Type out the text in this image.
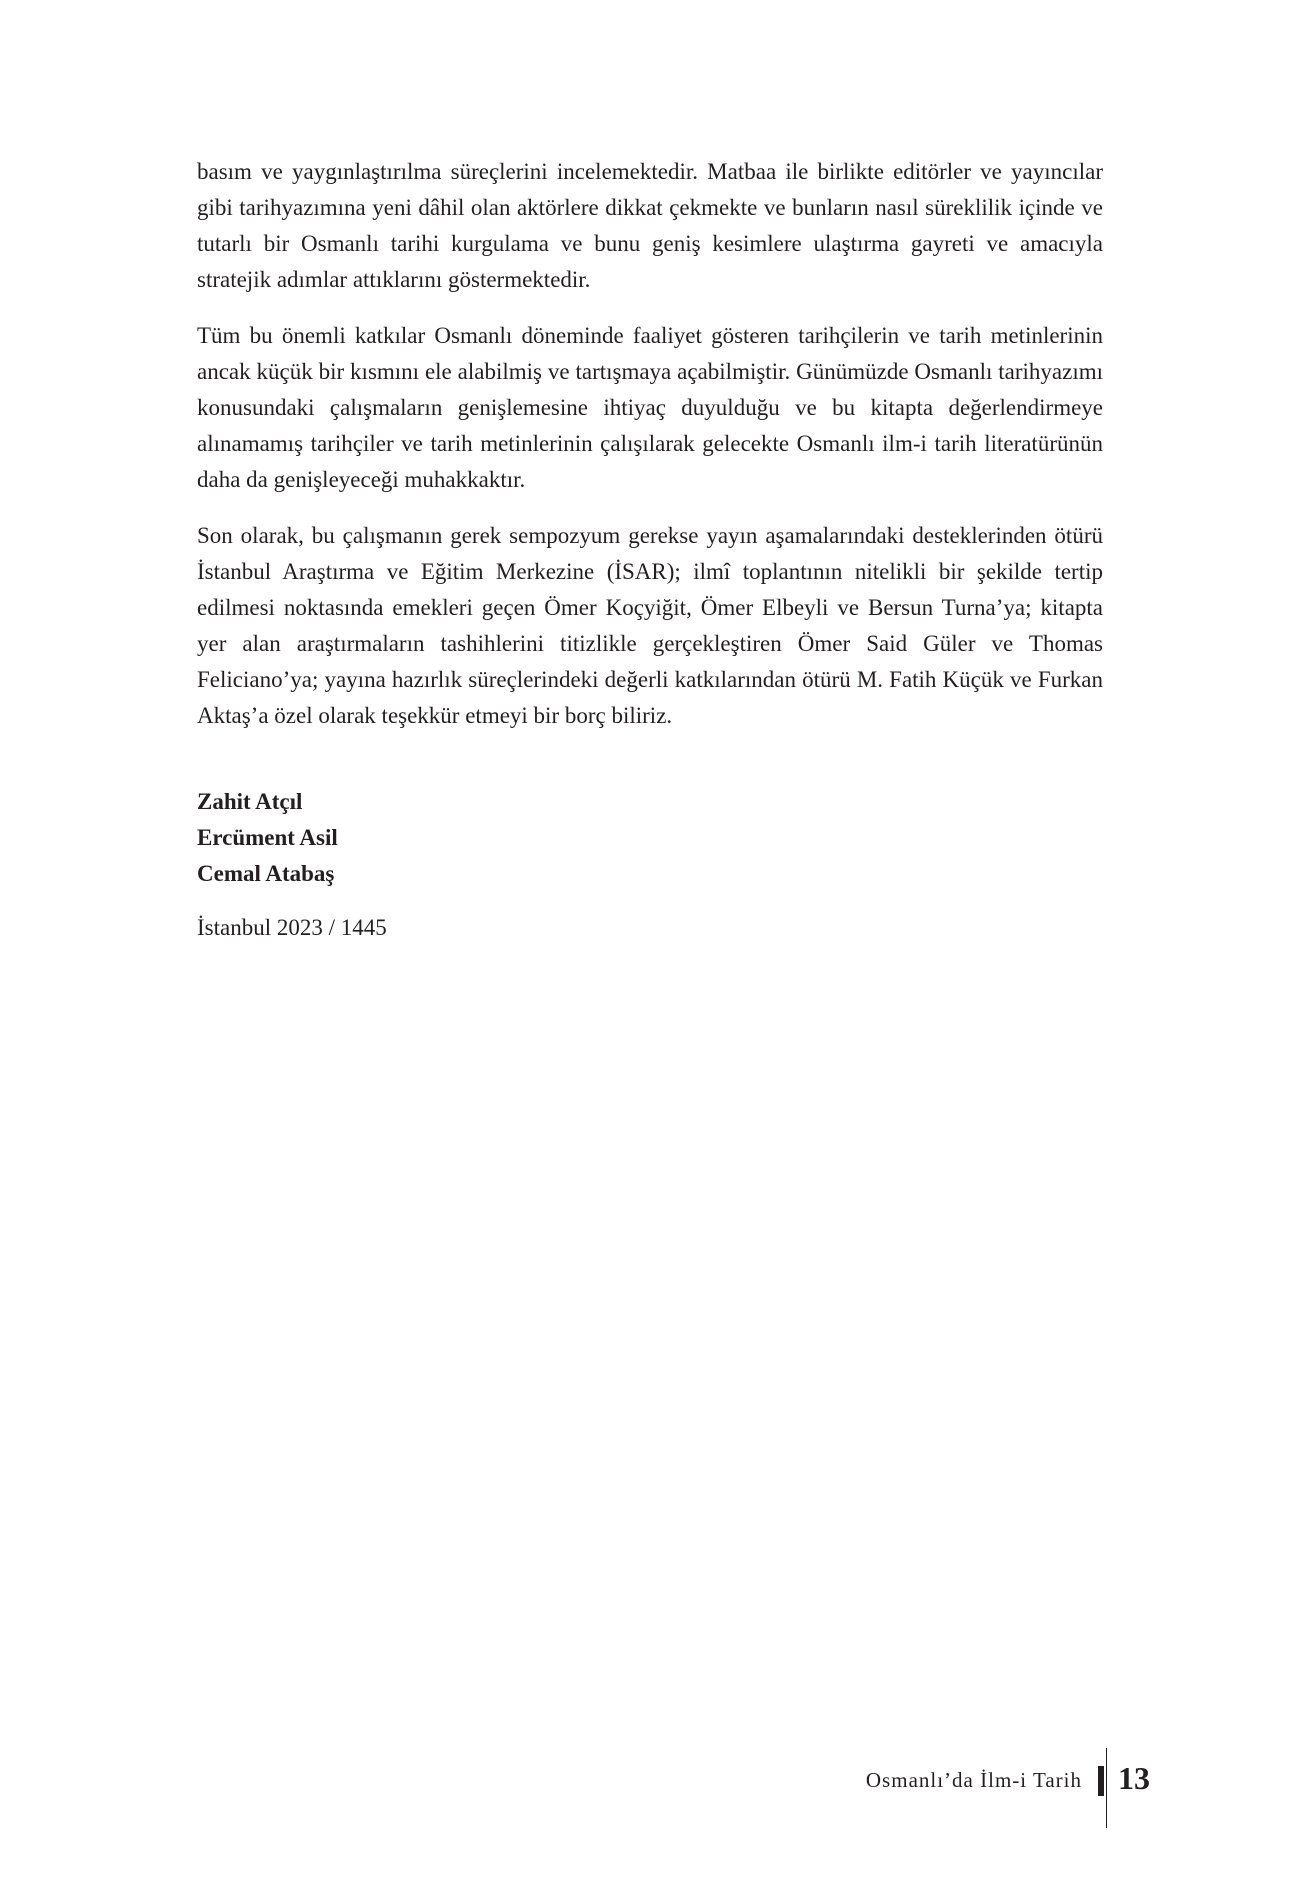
basım ve yaygınlaştırılma süreçlerini incelemektedir. Matbaa ile birlikte editörler ve yayıncılar gibi tarihyazımına yeni dâhil olan aktörlere dikkat çekmekte ve bunların nasıl süreklilik içinde ve tutarlı bir Osmanlı tarihi kurgulama ve bunu geniş kesimlere ulaştırma gayreti ve amacıyla stratejik adımlar attıklarını göstermektedir.

Tüm bu önemli katkılar Osmanlı döneminde faaliyet gösteren tarihçilerin ve tarih metinlerinin ancak küçük bir kısmını ele alabilmiş ve tartışmaya açabilmiştir. Günümüzde Osmanlı tarihyazımı konusundaki çalışmaların genişlemesine ihtiyaç duyulduğu ve bu kitapta değerlendirmeye alınamamış tarihçiler ve tarih metinlerinin çalışılarak gelecekte Osmanlı ilm-i tarih literatürünün daha da genişleyeceği muhakkaktır.

Son olarak, bu çalışmanın gerek sempozyum gerekse yayın aşamalarındaki desteklerinden ötürü İstanbul Araştırma ve Eğitim Merkezine (İSAR); ilmî toplantının nitelikli bir şekilde tertip edilmesi noktasında emekleri geçen Ömer Koçyiğit, Ömer Elbeyli ve Bersun Turna’ya; kitapta yer alan araştırmaların tashihlerini titizlikle gerçekleştiren Ömer Said Güler ve Thomas Feliciano’ya; yayına hazırlık süreçlerindeki değerli katkılarından ötürü M. Fatih Küçük ve Furkan Aktaş’a özel olarak teşekkür etmeyi bir borç biliriz.

Zahit Atçıl

Ercüment Asil

Cemal Atabaş

İstanbul 2023 / 1445
Osmanlı’da İlm-i Tarih 13
